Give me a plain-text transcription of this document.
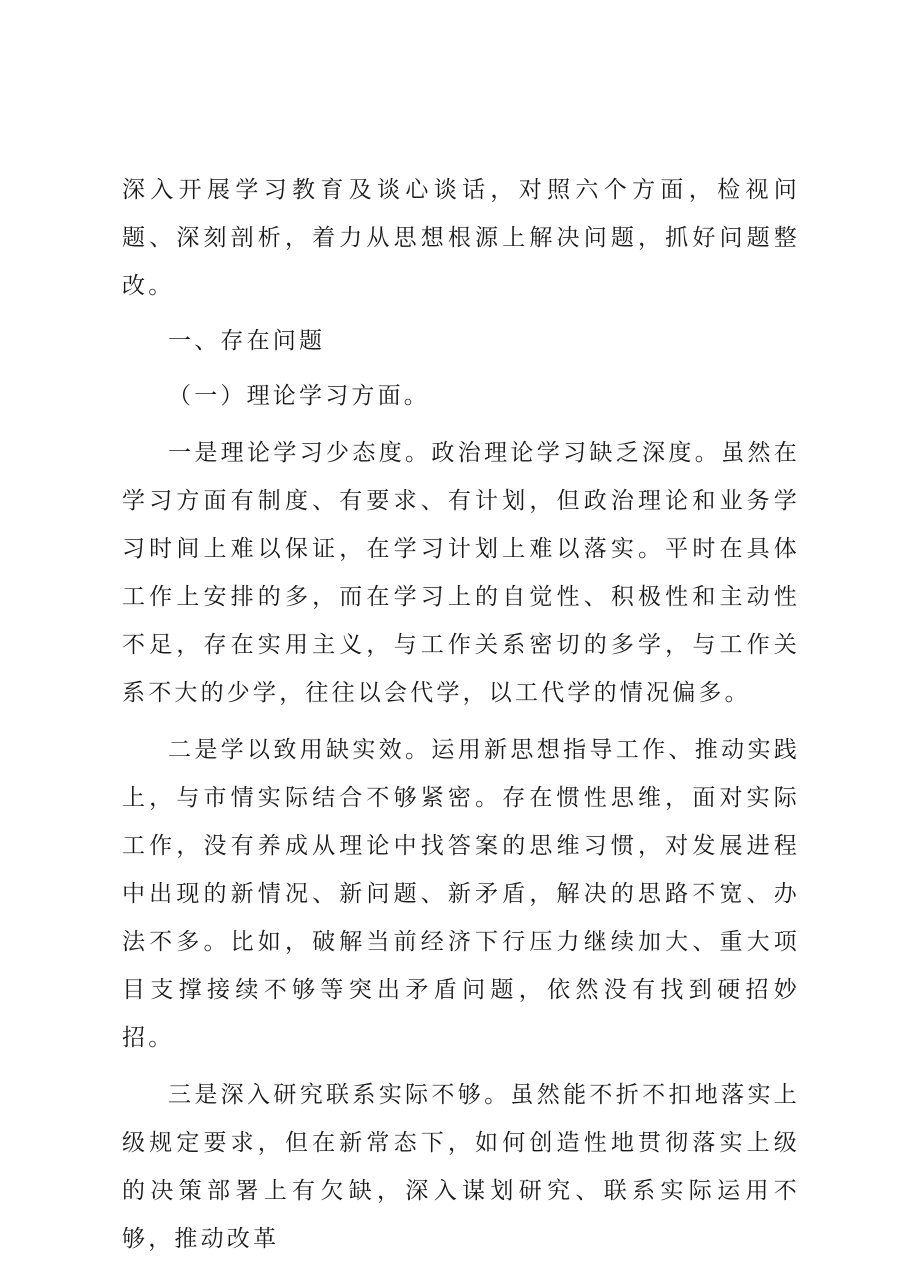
深入开展学习教育及谈心谈话，对照六个方面，检视问题、深刻剖析，着力从思想根源上解决问题，抓好问题整改。

一、存在问题

（一）理论学习方面。

一是理论学习少态度。政治理论学习缺乏深度。虽然在学习方面有制度、有要求、有计划，但政治理论和业务学习时间上难以保证，在学习计划上难以落实。平时在具体工作上安排的多，而在学习上的自觉性、积极性和主动性不足，存在实用主义，与工作关系密切的多学，与工作关系不大的少学，往往以会代学，以工代学的情况偏多。

二是学以致用缺实效。运用新思想指导工作、推动实践上，与市情实际结合不够紧密。存在惯性思维，面对实际工作，没有养成从理论中找答案的思维习惯，对发展进程中出现的新情况、新问题、新矛盾，解决的思路不宽、办法不多。比如，破解当前经济下行压力继续加大、重大项目支撑接续不够等突出矛盾问题，依然没有找到硬招妙招。

三是深入研究联系实际不够。虽然能不折不扣地落实上级规定要求，但在新常态下，如何创造性地贯彻落实上级的决策部署上有欠缺，深入谋划研究、联系实际运用不够，推动改革
